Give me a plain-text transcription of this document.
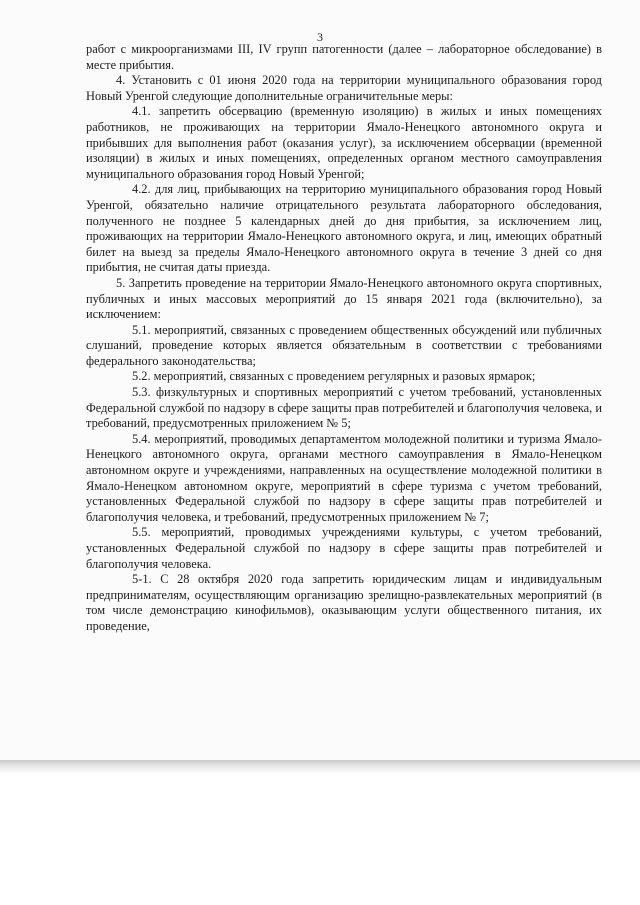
3

работ с микроорганизмами III, IV групп патогенности (далее – лабораторное обследование) в месте прибытия.

4. Установить с 01 июня 2020 года на территории муниципального образования город Новый Уренгой следующие дополнительные ограничительные меры:

4.1. запретить обсервацию (временную изоляцию) в жилых и иных помещениях работников, не проживающих на территории Ямало-Ненецкого автономного округа и прибывших для выполнения работ (оказания услуг), за исключением обсервации (временной изоляции) в жилых и иных помещениях, определенных органом местного самоуправления муниципального образования город Новый Уренгой;

4.2. для лиц, прибывающих на территорию муниципального образования город Новый Уренгой, обязательно наличие отрицательного результата лабораторного обследования, полученного не позднее 5 календарных дней до дня прибытия, за исключением лиц, проживающих на территории Ямало-Ненецкого автономного округа, и лиц, имеющих обратный билет на выезд за пределы Ямало-Ненецкого автономного округа в течение 3 дней со дня прибытия, не считая даты приезда.

5. Запретить проведение на территории Ямало-Ненецкого автономного округа спортивных, публичных и иных массовых мероприятий до 15 января 2021 года (включительно), за исключением:

5.1. мероприятий, связанных с проведением общественных обсуждений или публичных слушаний, проведение которых является обязательным в соответствии с требованиями федерального законодательства;

5.2. мероприятий, связанных с проведением регулярных и разовых ярмарок;

5.3. физкультурных и спортивных мероприятий с учетом требований, установленных Федеральной службой по надзору в сфере защиты прав потребителей и благополучия человека, и требований, предусмотренных приложением № 5;

5.4. мероприятий, проводимых департаментом молодежной политики и туризма Ямало-Ненецкого автономного округа, органами местного самоуправления в Ямало-Ненецком автономном округе и учреждениями, направленных на осуществление молодежной политики в Ямало-Ненецком автономном округе, мероприятий в сфере туризма с учетом требований, установленных Федеральной службой по надзору в сфере защиты прав потребителей и благополучия человека, и требований, предусмотренных приложением № 7;

5.5. мероприятий, проводимых учреждениями культуры, с учетом требований, установленных Федеральной службой по надзору в сфере защиты прав потребителей и благополучия человека.

5-1. С 28 октября 2020 года запретить юридическим лицам и индивидуальным предпринимателям, осуществляющим организацию зрелищно-развлекательных мероприятий (в том числе демонстрацию кинофильмов), оказывающим услуги общественного питания, их проведение,
